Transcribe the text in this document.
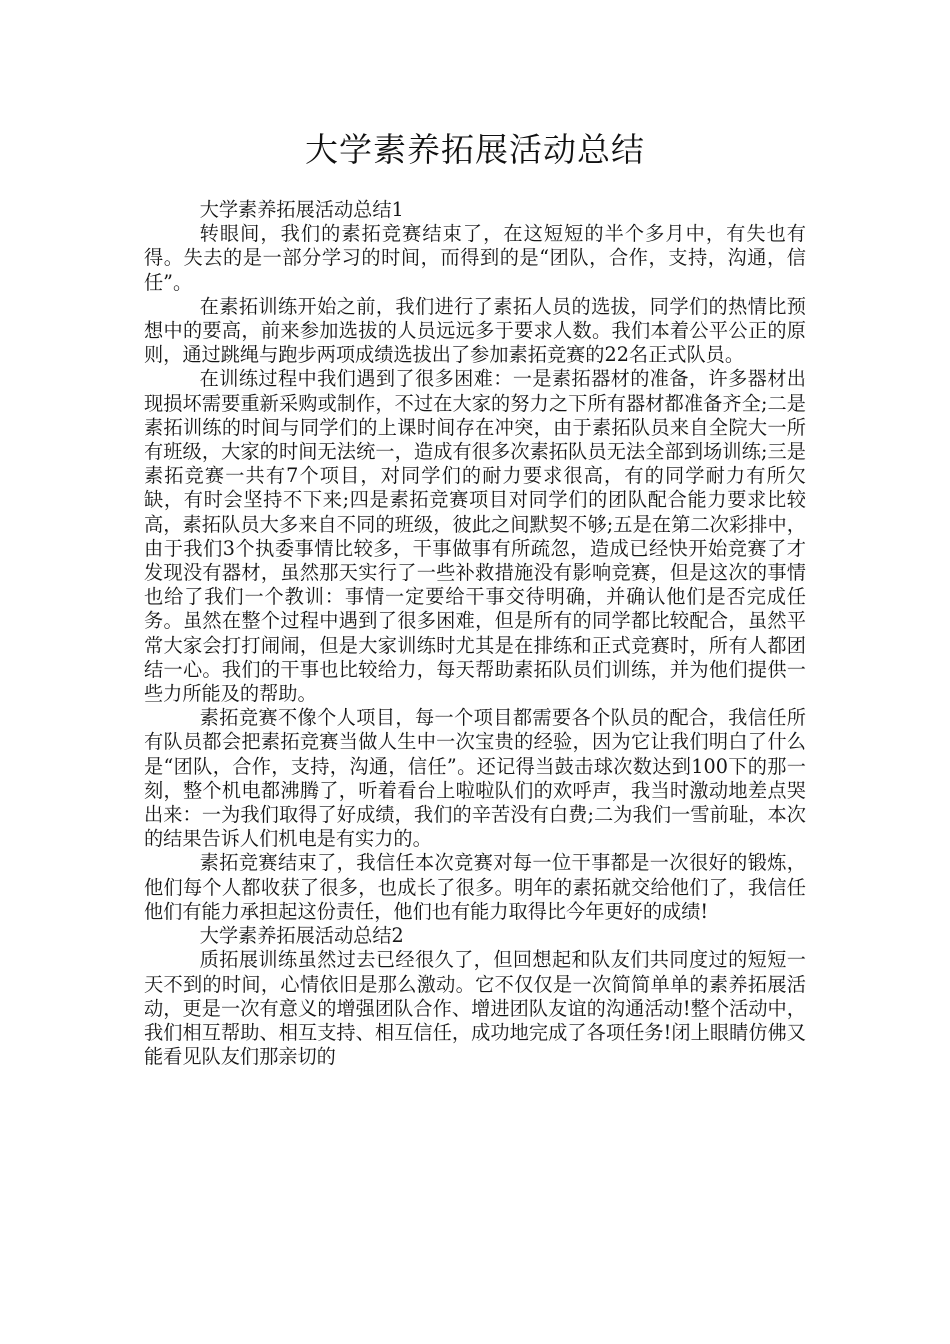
大学素养拓展活动总结

大学素养拓展活动总结1

转眼间，我们的素拓竞赛结束了，在这短短的半个多月中，有失也有得。失去的是一部分学习的时间，而得到的是“团队，合作，支持，沟通，信任”。

在素拓训练开始之前，我们进行了素拓人员的选拔，同学们的热情比预想中的要高，前来参加选拔的人员远远多于要求人数。我们本着公平公正的原则，通过跳绳与跑步两项成绩选拔出了参加素拓竞赛的22名正式队员。

在训练过程中我们遇到了很多困难：一是素拓器材的准备，许多器材出现损坏需要重新采购或制作，不过在大家的努力之下所有器材都准备齐全;二是素拓训练的时间与同学们的上课时间存在冲突，由于素拓队员来自全院大一所有班级，大家的时间无法统一，造成有很多次素拓队员无法全部到场训练;三是素拓竞赛一共有7个项目，对同学们的耐力要求很高，有的同学耐力有所欠缺，有时会坚持不下来;四是素拓竞赛项目对同学们的团队配合能力要求比较高，素拓队员大多来自不同的班级，彼此之间默契不够;五是在第二次彩排中，由于我们3个执委事情比较多，干事做事有所疏忽，造成已经快开始竞赛了才发现没有器材，虽然那天实行了一些补救措施没有影响竞赛，但是这次的事情也给了我们一个教训：事情一定要给干事交待明确，并确认他们是否完成任务。虽然在整个过程中遇到了很多困难，但是所有的同学都比较配合，虽然平常大家会打打闹闹，但是大家训练时尤其是在排练和正式竞赛时，所有人都团结一心。我们的干事也比较给力，每天帮助素拓队员们训练，并为他们提供一些力所能及的帮助。

素拓竞赛不像个人项目，每一个项目都需要各个队员的配合，我信任所有队员都会把素拓竞赛当做人生中一次宝贵的经验，因为它让我们明白了什么是“团队，合作，支持，沟通，信任”。还记得当鼓击球次数达到100下的那一刻，整个机电都沸腾了，听着看台上啦啦队们的欢呼声，我当时激动地差点哭出来：一为我们取得了好成绩，我们的辛苦没有白费;二为我们一雪前耻，本次的结果告诉人们机电是有实力的。

素拓竞赛结束了，我信任本次竞赛对每一位干事都是一次很好的锻炼，他们每个人都收获了很多，也成长了很多。明年的素拓就交给他们了，我信任他们有能力承担起这份责任，他们也有能力取得比今年更好的成绩!

大学素养拓展活动总结2

质拓展训练虽然过去已经很久了，但回想起和队友们共同度过的短短一天不到的时间，心情依旧是那么激动。它不仅仅是一次简简单单的素养拓展活动，更是一次有意义的增强团队合作、增进团队友谊的沟通活动!整个活动中，我们相互帮助、相互支持、相互信任，成功地完成了各项任务!闭上眼睛仿佛又能看见队友们那亲切的
